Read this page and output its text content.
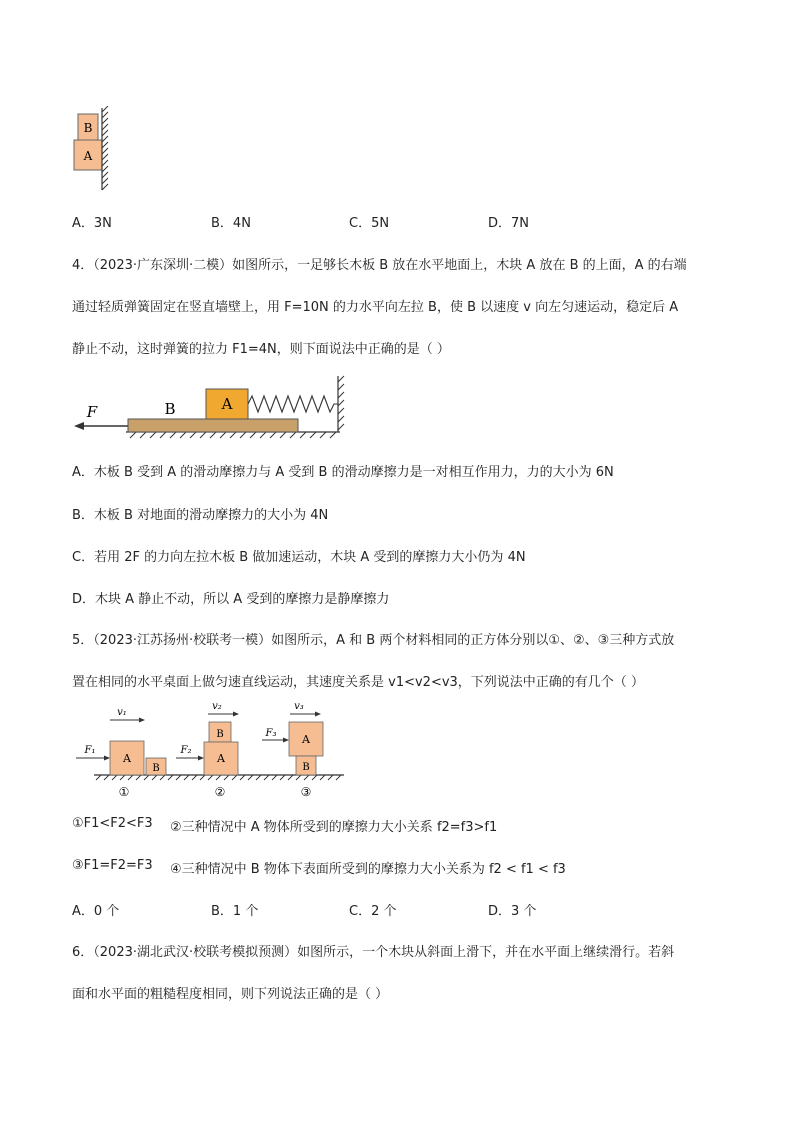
B
A
A．3N	B．4N	C．5N	D．7N
4．（2023·广东深圳·二模）如图所示，一足够长木板 B 放在水平地面上，木块 A 放在 B 的上面，A 的右端
通过轻质弹簧固定在竖直墙壁上，用 F=10N 的力水平向左拉 B，使 B 以速度 v 向左匀速运动，稳定后 A
静止不动，这时弹簧的拉力 F1=4N，则下面说法中正确的是（ ）
B	A
F
A．木板 B 受到 A 的滑动摩擦力与 A 受到 B 的滑动摩擦力是一对相互作用力，力的大小为 6N
B．木板 B 对地面的滑动摩擦力的大小为 4N
C．若用 2F 的力向左拉木板 B 做加速运动，木块 A 受到的摩擦力大小仍为 4N
D．木块 A 静止不动，所以 A 受到的摩擦力是静摩擦力
5．（2023·江苏扬州·校联考一模）如图所示，A 和 B 两个材料相同的正方体分别以①、②、③三种方式放
置在相同的水平桌面上做匀速直线运动，其速度关系是 v1<v2<v3，下列说法中正确的有几个（ ）
v₁
F₁
A
B
①
v₂
F₂
B
A
②
v₃
F₃ A
B
③
①F1<F2<F3 ②三种情况中 A 物体所受到的摩擦力大小关系 f2=f3>f1
③F1=F2=F3 ④三种情况中 B 物体下表面所受到的摩擦力大小关系为 f2 < f1 < f3
A．0 个	B．1 个	C．2 个	D．3 个
6．（2023·湖北武汉·校联考模拟预测）如图所示，一个木块从斜面上滑下，并在水平面上继续滑行。若斜
面和水平面的粗糙程度相同，则下列说法正确的是（ ）
